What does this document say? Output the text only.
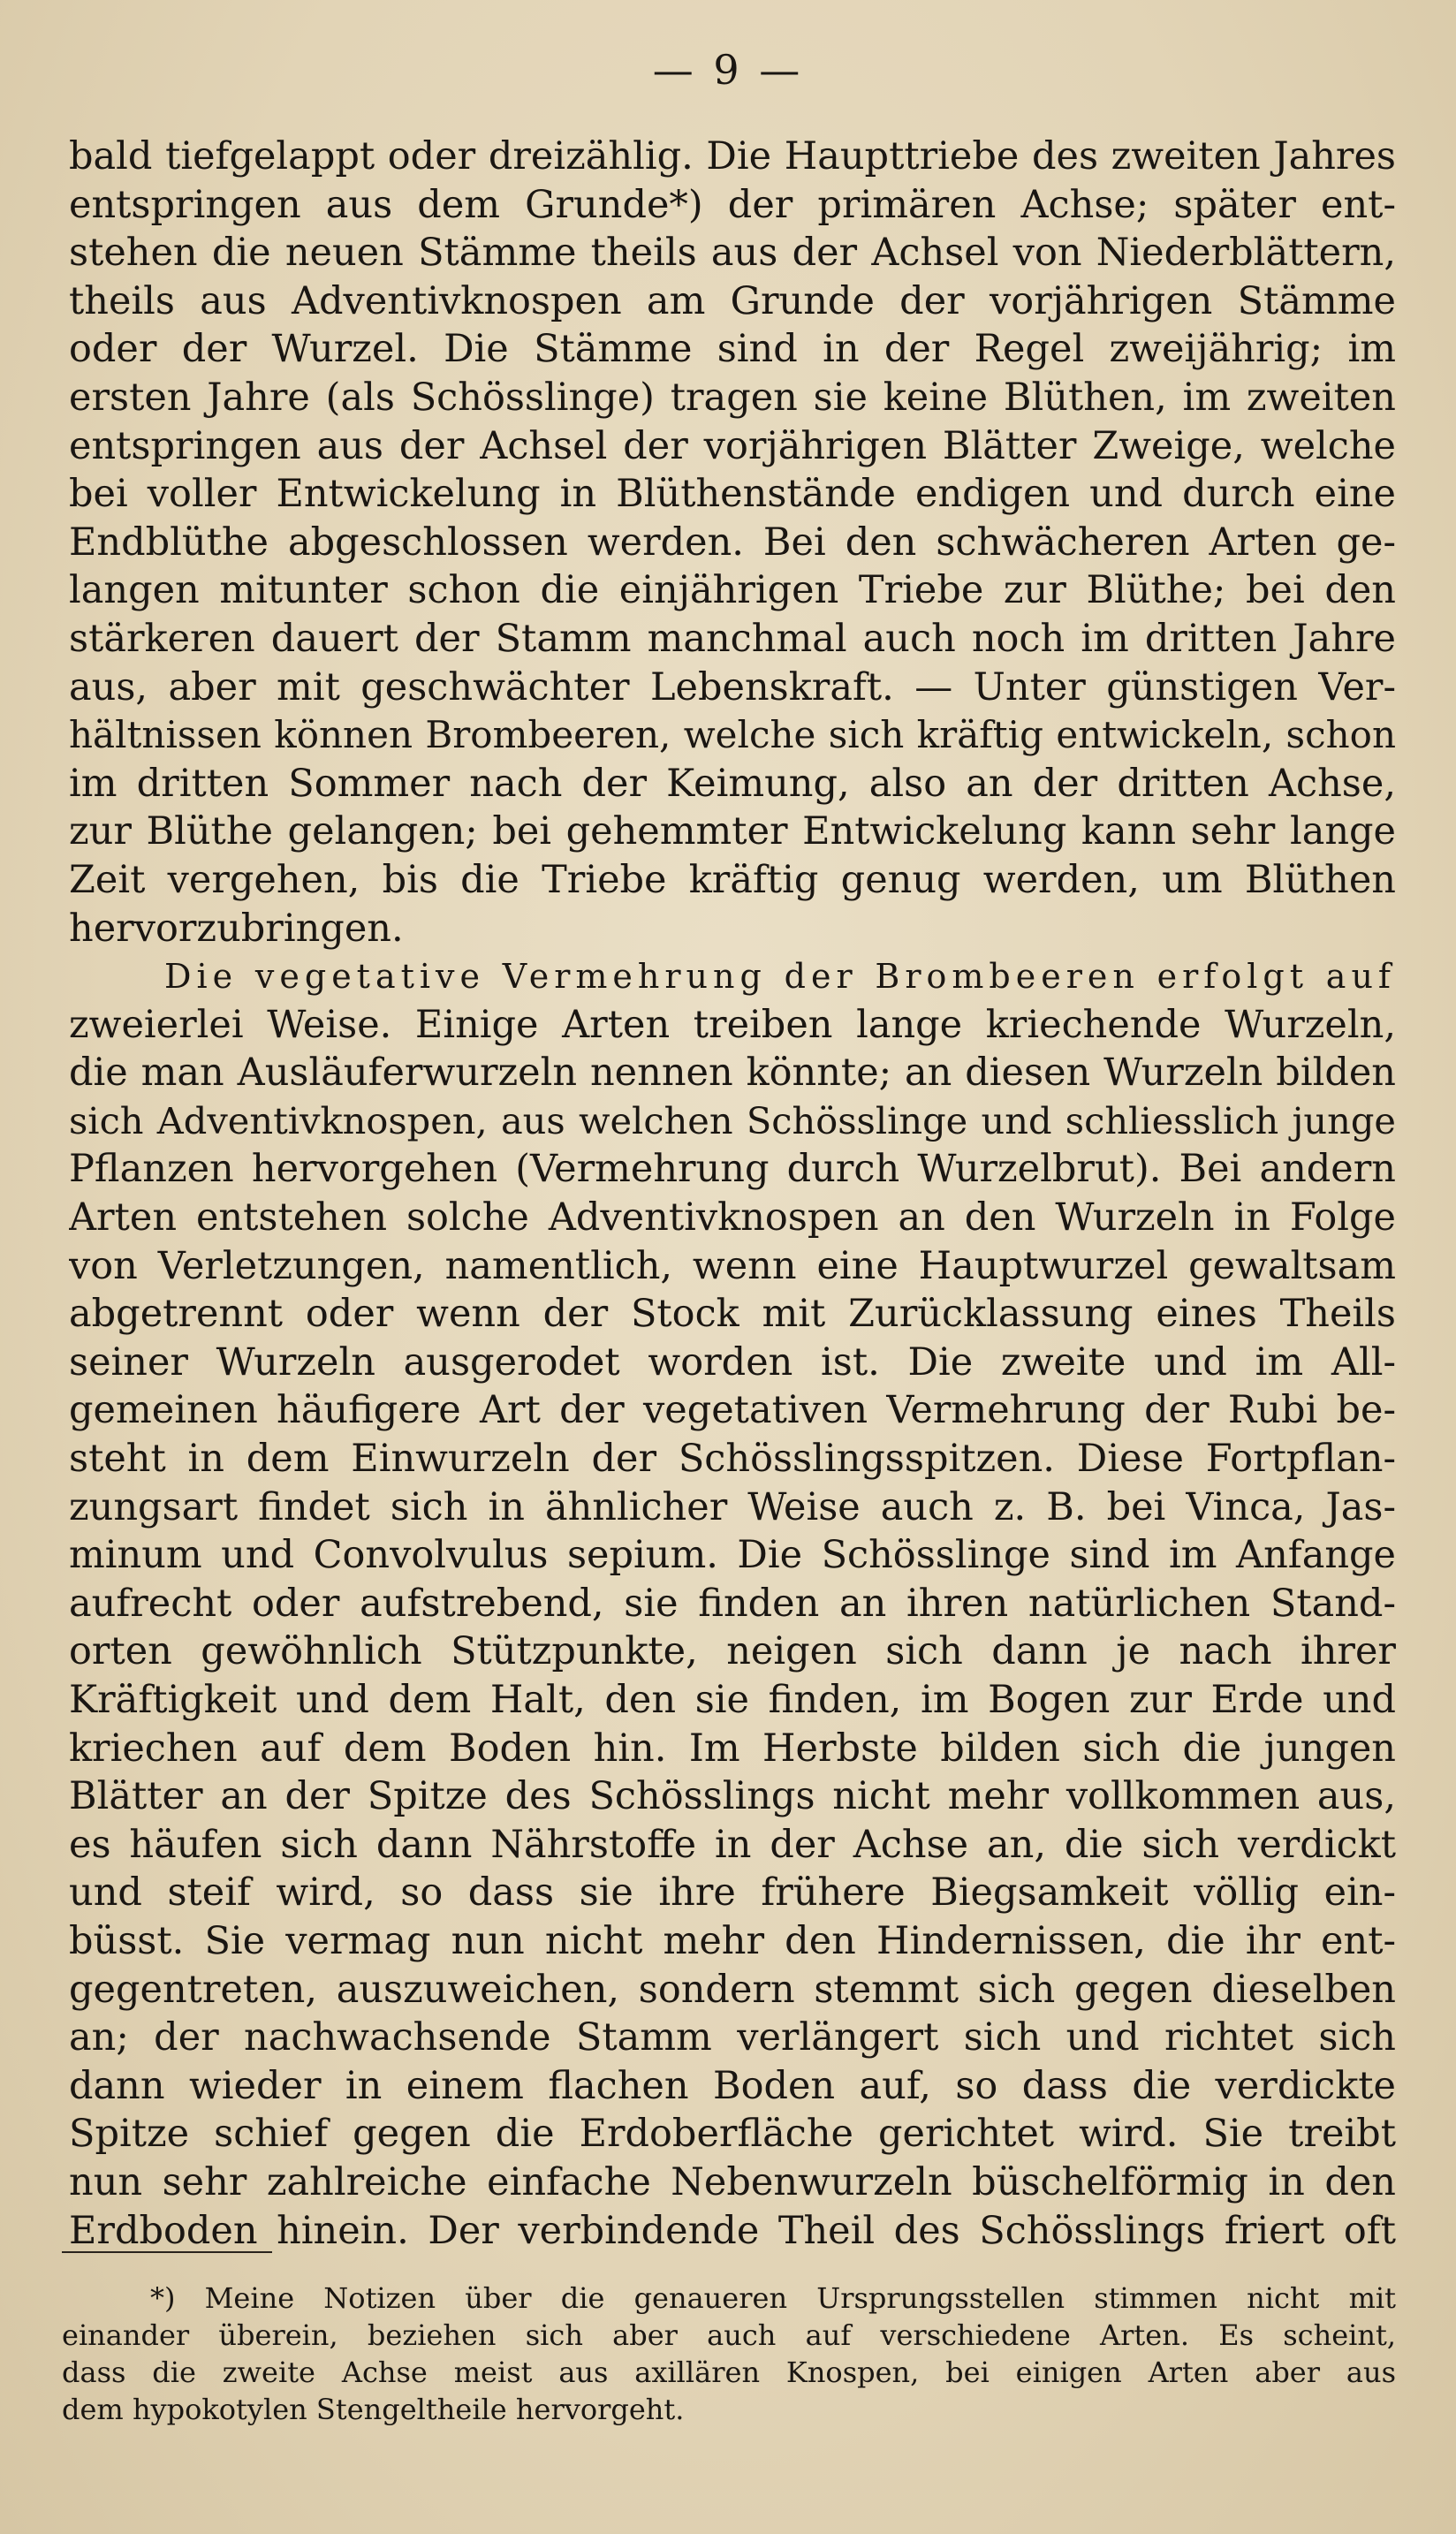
— 9 —
bald tiefgelappt oder dreizählig. Die Haupttriebe des zweiten Jahres
entspringen aus dem Grunde*) der primären Achse; später ent-
stehen die neuen Stämme theils aus der Achsel von Niederblättern,
theils aus Adventivknospen am Grunde der vorjährigen Stämme
oder der Wurzel. Die Stämme sind in der Regel zweijährig; im
ersten Jahre (als Schösslinge) tragen sie keine Blüthen, im zweiten
entspringen aus der Achsel der vorjährigen Blätter Zweige, welche
bei voller Entwickelung in Blüthenstände endigen und durch eine
Endblüthe abgeschlossen werden. Bei den schwächeren Arten ge-
langen mitunter schon die einjährigen Triebe zur Blüthe; bei den
stärkeren dauert der Stamm manchmal auch noch im dritten Jahre
aus, aber mit geschwächter Lebenskraft. — Unter günstigen Ver-
hältnissen können Brombeeren, welche sich kräftig entwickeln, schon
im dritten Sommer nach der Keimung, also an der dritten Achse,
zur Blüthe gelangen; bei gehemmter Entwickelung kann sehr lange
Zeit vergehen, bis die Triebe kräftig genug werden, um Blüthen
hervorzubringen.
Die vegetative Vermehrung der Brombeeren erfolgt auf
zweierlei Weise. Einige Arten treiben lange kriechende Wurzeln,
die man Ausläuferwurzeln nennen könnte; an diesen Wurzeln bilden
sich Adventivknospen, aus welchen Schösslinge und schliesslich junge
Pflanzen hervorgehen (Vermehrung durch Wurzelbrut). Bei andern
Arten entstehen solche Adventivknospen an den Wurzeln in Folge
von Verletzungen, namentlich, wenn eine Hauptwurzel gewaltsam
abgetrennt oder wenn der Stock mit Zurücklassung eines Theils
seiner Wurzeln ausgerodet worden ist. Die zweite und im All-
gemeinen häufigere Art der vegetativen Vermehrung der Rubi be-
steht in dem Einwurzeln der Schösslingsspitzen. Diese Fortpflan-
zungsart findet sich in ähnlicher Weise auch z. B. bei Vinca, Jas-
minum und Convolvulus sepium. Die Schösslinge sind im Anfange
aufrecht oder aufstrebend, sie finden an ihren natürlichen Stand-
orten gewöhnlich Stützpunkte, neigen sich dann je nach ihrer
Kräftigkeit und dem Halt, den sie finden, im Bogen zur Erde und
kriechen auf dem Boden hin. Im Herbste bilden sich die jungen
Blätter an der Spitze des Schösslings nicht mehr vollkommen aus,
es häufen sich dann Nährstoffe in der Achse an, die sich verdickt
und steif wird, so dass sie ihre frühere Biegsamkeit völlig ein-
büsst. Sie vermag nun nicht mehr den Hindernissen, die ihr ent-
gegentreten, auszuweichen, sondern stemmt sich gegen dieselben
an; der nachwachsende Stamm verlängert sich und richtet sich
dann wieder in einem flachen Boden auf, so dass die verdickte
Spitze schief gegen die Erdoberfläche gerichtet wird. Sie treibt
nun sehr zahlreiche einfache Nebenwurzeln büschelförmig in den
Erdboden hinein. Der verbindende Theil des Schösslings friert oft
*) Meine Notizen über die genaueren Ursprungsstellen stimmen nicht mit
einander überein, beziehen sich aber auch auf verschiedene Arten. Es scheint,
dass die zweite Achse meist aus axillären Knospen, bei einigen Arten aber aus
dem hypokotylen Stengeltheile hervorgeht.
